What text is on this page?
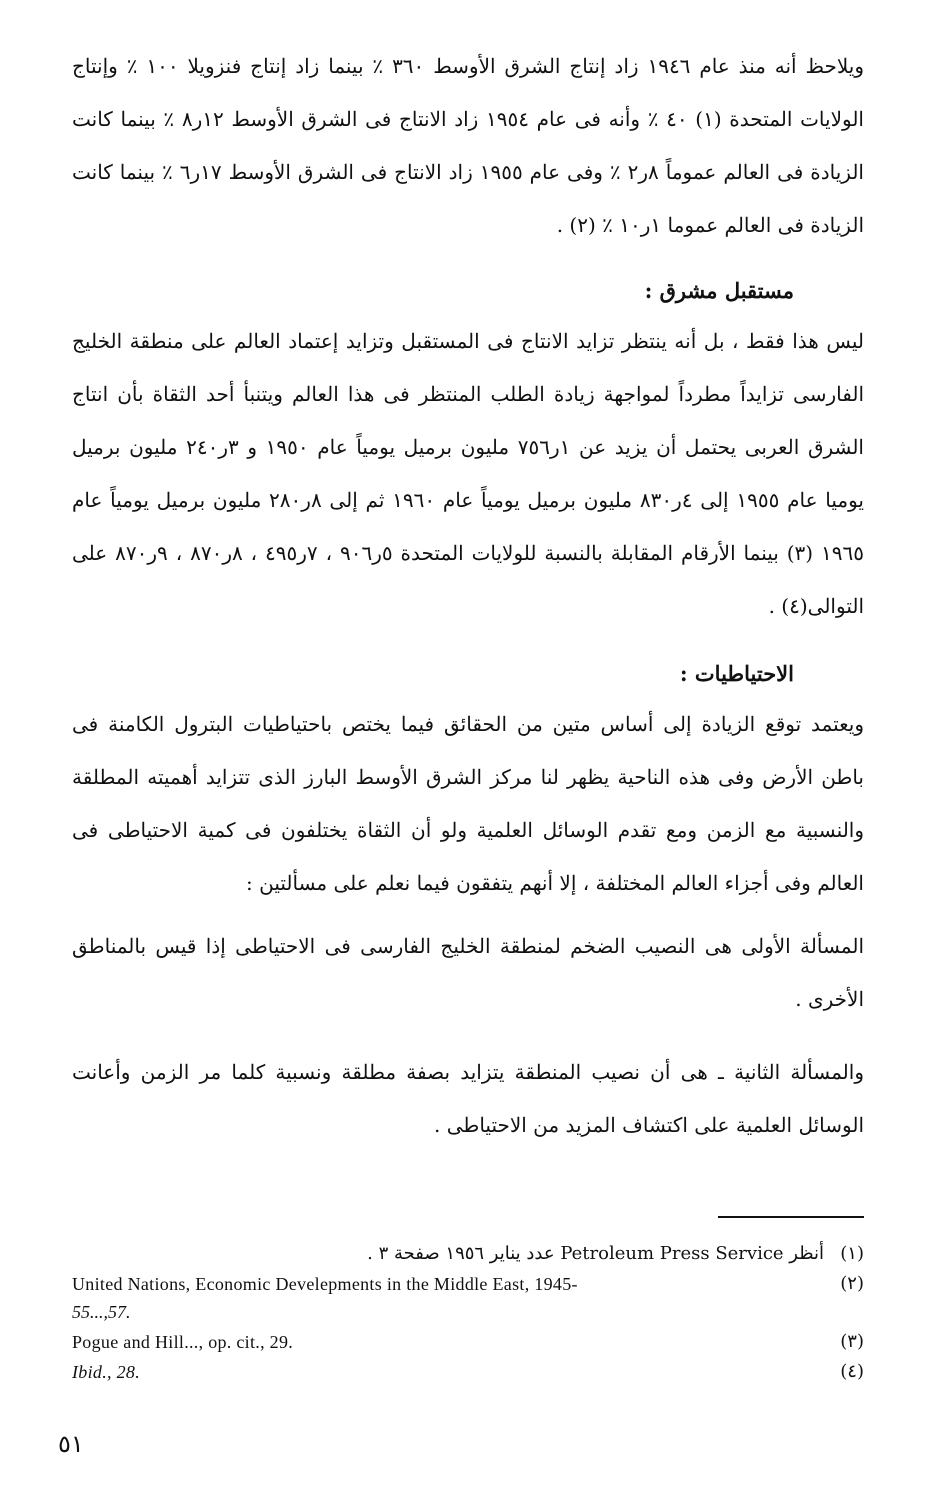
ويلاحظ أنه منذ عام ١٩٤٦ زاد إنتاج الشرق الأوسط ٣٦٠ ٪ بينما زاد إنتاج فنزويلا ١٠٠ ٪ وإنتاج الولايات المتحدة (١) ٤٠ ٪ وأنه فى عام ١٩٥٤ زاد الانتاج فى الشرق الأوسط ١٢ر٨ ٪ بينما كانت الزيادة فى العالم عموماً ٨ر٢ ٪ وفى عام ١٩٥٥ زاد الانتاج فى الشرق الأوسط ١٧ر٦ ٪ بينما كانت الزيادة فى العالم عموما ١ر١٠ ٪ (٢) .

مستقبل مشرق :

ليس هذا فقط ، بل أنه ينتظر تزايد الانتاج فى المستقبل وتزايد إعتماد العالم على منطقة الخليج الفارسى تزايداً مطرداً لمواجهة زيادة الطلب المنتظر فى هذا العالم ويتنبأ أحد الثقاة بأن انتاج الشرق العربى يحتمل أن يزيد عن ١ر٧٥٦ مليون برميل يومياً عام ١٩٥٠ و ٣ر٢٤٠ مليون برميل يوميا عام ١٩٥٥ إلى ٤ر٨٣٠ مليون برميل يومياً عام ١٩٦٠ ثم إلى ٨ر٢٨٠ مليون برميل يومياً عام ١٩٦٥ (٣) بينما الأرقام المقابلة بالنسبة للولايات المتحدة ٥ر٩٠٦ ، ٧ر٤٩٥ ، ٨ر٨٧٠ ، ٩ر٨٧٠ على التوالى(٤) .

الاحتياطيات :

ويعتمد توقع الزيادة إلى أساس متين من الحقائق فيما يختص باحتياطيات البترول الكامنة فى باطن الأرض وفى هذه الناحية يظهر لنا مركز الشرق الأوسط البارز الذى تتزايد أهميته المطلقة والنسبية مع الزمن ومع تقدم الوسائل العلمية ولو أن الثقاة يختلفون فى كمية الاحتياطى فى العالم وفى أجزاء العالم المختلفة ، إلا أنهم يتفقون فيما نعلم على مسألتين :

المسألة الأولى هى النصيب الضخم لمنطقة الخليج الفارسى فى الاحتياطى إذا قيس بالمناطق الأخرى .

والمسألة الثانية ـ هى أن نصيب المنطقة يتزايد بصفة مطلقة ونسبية كلما مر الزمن وأعانت الوسائل العلمية على اكتشاف المزيد من الاحتياطى .

(١)
أنظر Petroleum Press Service عدد يناير ١٩٥٦ صفحة ٣ .
(٢)
United Nations, Economic Develepments in the Middle East, 1945-
55...,57.
(٣)
Pogue and Hill..., op. cit., 29.
(٤)
Ibid., 28.
٥١
